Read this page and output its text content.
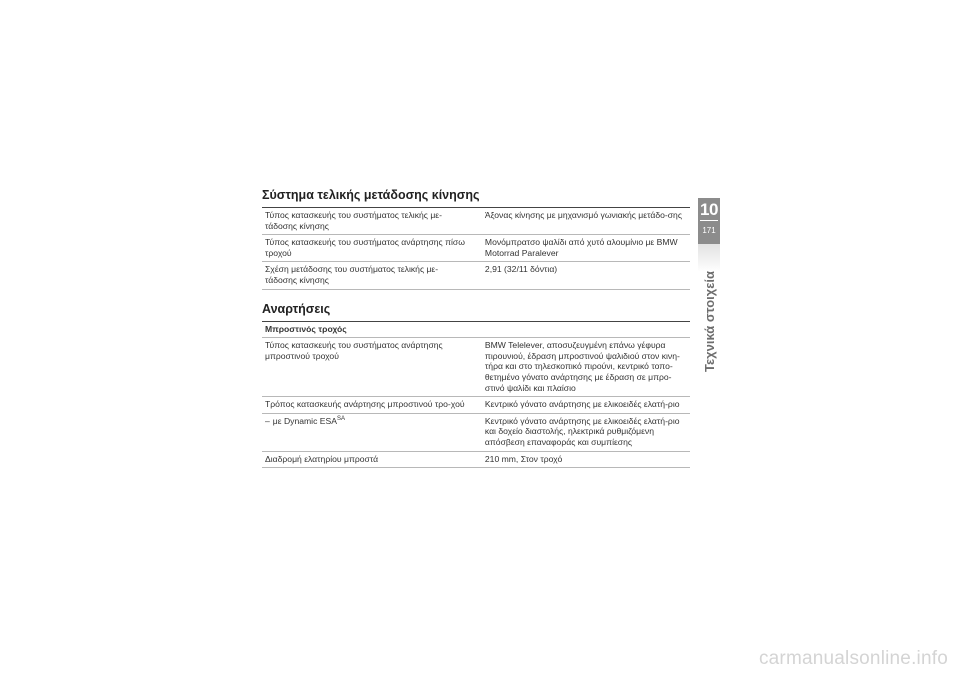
Σύστημα τελικής μετάδοσης κίνησης
Τύπος κατασκευής του συστήματος τελικής με-τάδοσης κίνησης	Άξονας κίνησης με μηχανισμό γωνιακής μετάδο-σης
Τύπος κατασκευής του συστήματος ανάρτησης πίσω τροχού	Μονόμπρατσο ψαλίδι από χυτό αλουμίνιο με BMW Motorrad Paralever
Σχέση μετάδοσης του συστήματος τελικής με-τάδοσης κίνησης	2,91 (32/11 δόντια)
Αναρτήσεις
Μπροστινός τροχός	
Τύπος κατασκευής του συστήματος ανάρτησης μπροστινού τροχού	BMW Telelever, αποσυζευγμένη επάνω γέφυρα πιρουνιού, έδραση μπροστινού ψαλιδιού στον κινη-τήρα και στο τηλεσκοπικό πιρούνι, κεντρικό τοπο-θετημένο γόνατο ανάρτησης με έδραση σε μπρο-στινό ψαλίδι και πλαίσιο
Τρόπος κατασκευής ανάρτησης μπροστινού τρο-χού	Κεντρικό γόνατο ανάρτησης με ελικοειδές ελατή-ριο
– με Dynamic $ESA^{SA}$	Κεντρικό γόνατο ανάρτησης με ελικοειδές ελατή-ριο και δοχείο διαστολής, ηλεκτρικά ρυθμιζόμενη απόσβεση επαναφοράς και συμπίεσης
Διαδρομή ελατηρίου μπροστά	210 mm, Στον τροχό
10
171
Τεχνικά στοιχεία
carmanualsonline.info
